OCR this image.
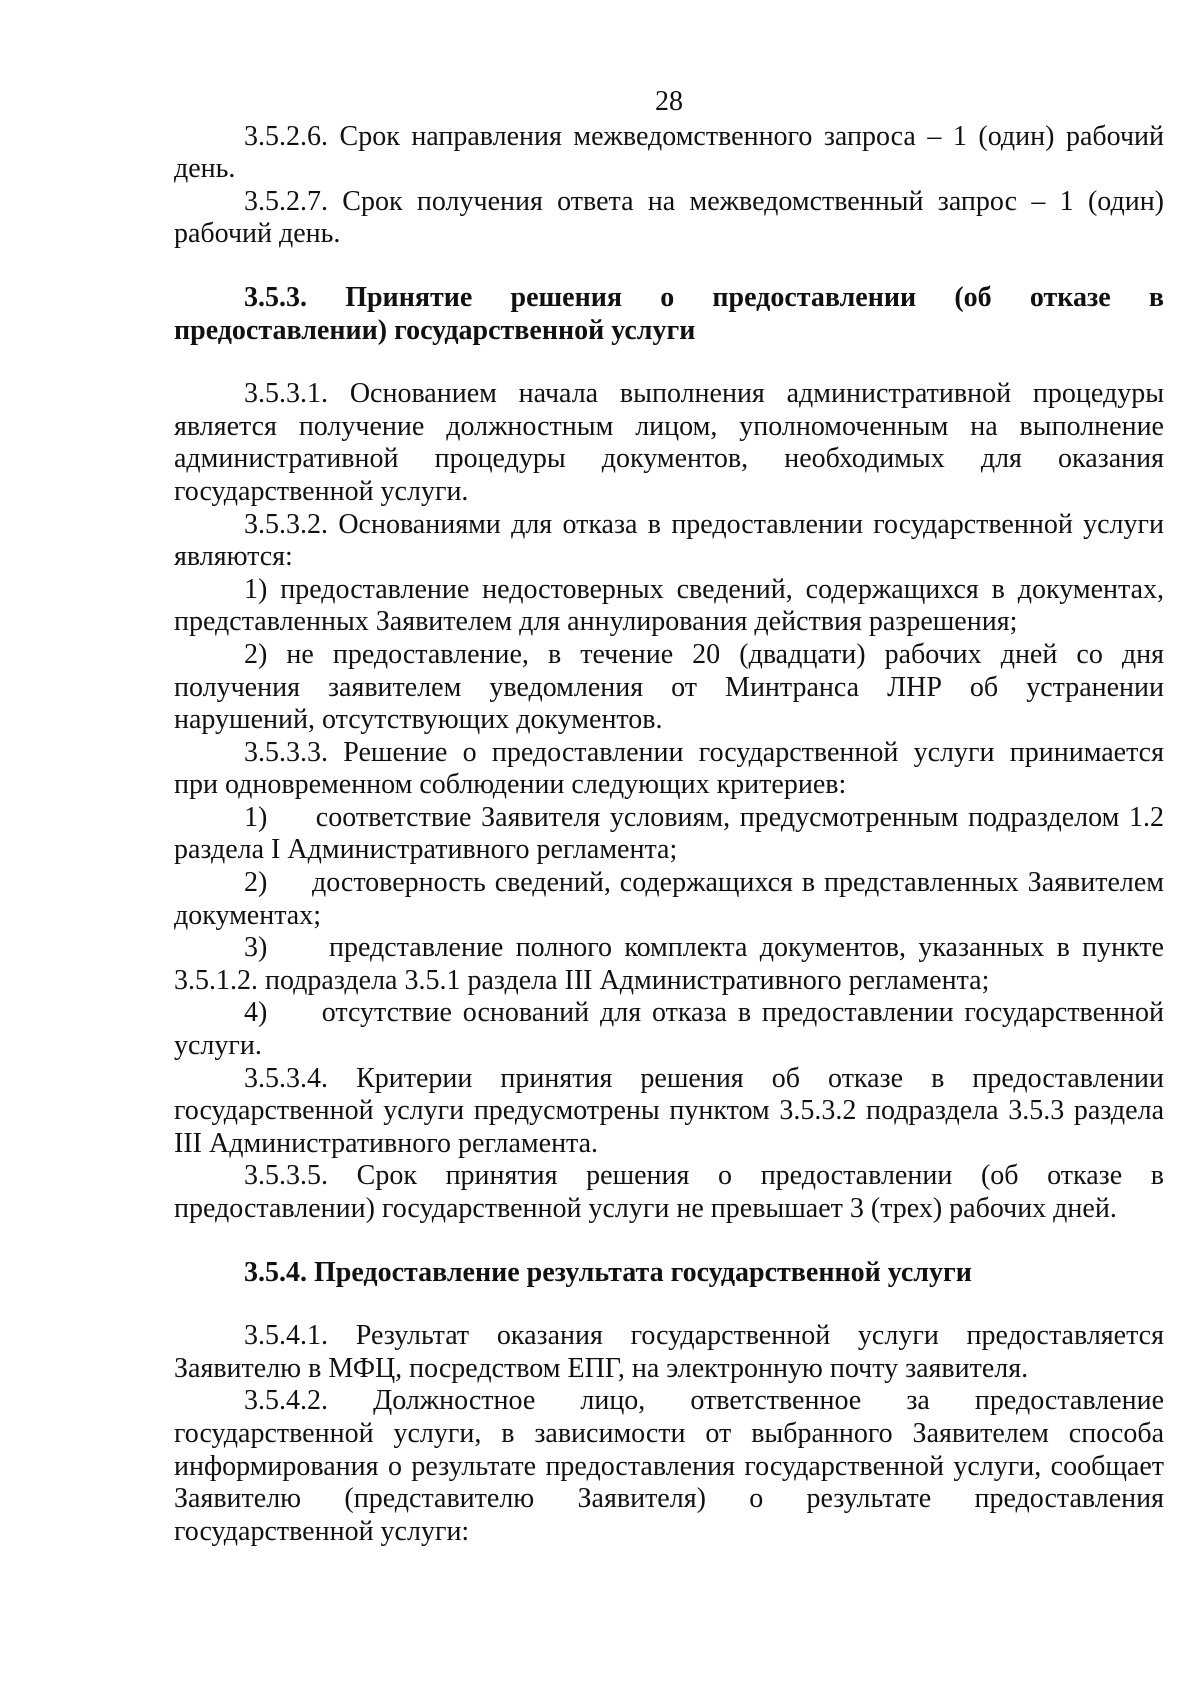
28

3.5.2.6. Срок направления межведомственного запроса – 1 (один) рабочий день.

3.5.2.7. Срок получения ответа на межведомственный запрос – 1 (один) рабочий день.

3.5.3. Принятие решения о предоставлении (об отказе в предоставлении) государственной услуги

3.5.3.1. Основанием начала выполнения административной процедуры является получение должностным лицом, уполномоченным на выполнение административной процедуры документов, необходимых для оказания государственной услуги.

3.5.3.2. Основаниями для отказа в предоставлении государственной услуги являются:

1) предоставление недостоверных сведений, содержащихся в документах, представленных Заявителем для аннулирования действия разрешения;

2) не предоставление, в течение 20 (двадцати) рабочих дней со дня получения заявителем уведомления от Минтранса ЛНР об устранении нарушений, отсутствующих документов.

3.5.3.3. Решение о предоставлении государственной услуги принимается при одновременном соблюдении следующих критериев:

1)     соответствие Заявителя условиям, предусмотренным подразделом 1.2 раздела I Административного регламента;

2)     достоверность сведений, содержащихся в представленных Заявителем документах;

3)     представление полного комплекта документов, указанных в пункте 3.5.1.2. подраздела 3.5.1 раздела III Административного регламента;

4)     отсутствие оснований для отказа в предоставлении государственной услуги.

3.5.3.4. Критерии принятия решения об отказе в предоставлении государственной услуги предусмотрены пунктом 3.5.3.2 подраздела 3.5.3 раздела III Административного регламента.

3.5.3.5. Срок принятия решения о предоставлении (об отказе в предоставлении) государственной услуги не превышает 3 (трех) рабочих дней.

3.5.4. Предоставление результата государственной услуги

3.5.4.1. Результат оказания государственной услуги предоставляется Заявителю в МФЦ, посредством ЕПГ, на электронную почту заявителя.

3.5.4.2. Должностное лицо, ответственное за предоставление государственной услуги, в зависимости от выбранного Заявителем способа информирования о результате предоставления государственной услуги, сообщает Заявителю (представителю Заявителя) о результате предоставления государственной услуги:
